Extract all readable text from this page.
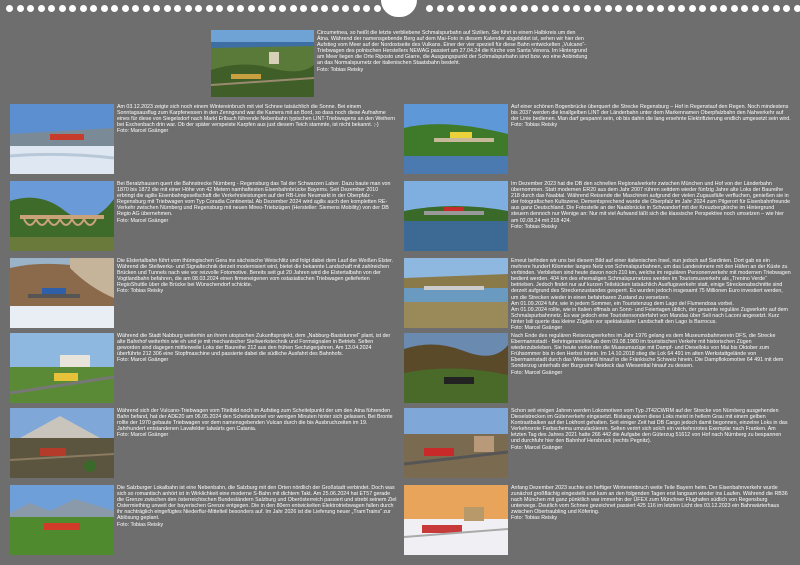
Circumetnea, so heißt die letzte verbliebene Schmalspurbahn auf Sizilien. Sie führt in einem Halbkreis um den Ätna. Während der namensgebende Berg auf dem Mai-Foto in diesem Kalender abgebildet ist, sehen wir hier den Aufstieg vom Meer auf der Nordostseite des Vulkans. Einer der vier speziell für diese Bahn entwickelten „Vulcano“-Triebwagen des polnischen Herstellers NEWAG passiert am 27.04.24 die Kirche von Santa Venera. Im Hintergrund am Meer liegen die Orte Riposto und Giarre, die Ausgangspunkt der Schmalspurbahn sind bzw. wo eine Anbindung an das Normalspurnetz der italienischen Staatsbahn besteht.
Foto: Tobias Reisky

Am 03.12.2023 zeigte sich noch einem Wintereinbruch mit viel Schnee tatsächlich die Sonne. Bei einem Sonntagsausflug zum Karpfenessen in den Zenngrund war die Kamera mit an Bord, so dass noch diese Aufnahme eines für diese von Siegelsdorf nach Markt Erlbach führende Nebenbahn typischen LINT-Triebwagens an den Weihern bei Eschenbach drin war. Ob der später verspeiste Karpfen aus just diesem Teich stammte, ist nicht bekannt. ;-)
Foto: Marcel Gsänger

Bei Beratzhausen quert die Bahnstrecke Nürnberg - Regensburg das Tal der Schwarzen Laber. Dazu baute man von 1870 bis 1872 die mit einer Höhe von 42 Metern namhaftesten Eisenbahnbrücke Bayerns. Seit Dezember 2010 erbringt die agilis Eisenbahngesellschaft die Verkehrsleistungen auf der RB-Linie Neumarkt in der Oberpfalz - Regensburg mit Triebwagen vom Typ Coradia Continental. Ab Dezember 2024 wird agilis auch den kompletten RE-Verkehr zwischen Nürnberg und Regensburg mit neuen Mireo-Triebzügen (Hersteller: Siemens Mobility) von der DB Regio AG übernehmen.
Foto: Marcel Gsänger

Die Elstertalbahn führt vom thüringischen Gera ins sächsische Weischlitz und folgt dabei dem Lauf der Weißen Elster. Während die Stellwerks- und Signaltechnik derzeit modernisiert wird, bietet die bekannte Landschaft mit zahlreichen Brücken und Tunnels nach wie vor reizvolle Fotomotive. Bereits seit gut 20 Jahren wird die Elstertalbahn von der Vogtlandbahn befahren, die am 08.03.2024 einen firmeneigenen vom ostasiatischen Triebwagen gelieferten RegioShuttle über die Brücke bei Wünschendorf schickte.
Foto: Tobias Reisky

Während die Stadt Nabburg weiterhin an ihrem utopischen Zukunftsprojekt, dem „Nabburg-Basistunnel“ plant, ist der alte Bahnhof weiterhin wie eh und je mit mechanischer Stellwerkstechnik und Formsignalen in Betrieb. Selten geworden sind dagegen mittlerweile Loks der Baureihe 212 aus den frühen Sechzigerjahren. Am 13.04.2024 überführte 212 306 eine Stopfmaschine und passierte dabei die südliche Ausfahrt des Bahnhofs.
Foto: Marcel Gsänger

Während sich der Vulcano-Triebwagen vom Titelbild noch im Aufstieg zum Scheitelpunkt der um den Ätna führenden Bahn befand, hat der ADE20 am 06.05.2024 den Scheiteltunnel vor wenigen Minuten hinter sich gelassen. Bei Bronte rollte der 1970 gebaute Triebwagen vor dem namensgebenden Vulcan durch die bis Ausbruchzeiten im 19. Jahrhundert entstandenen Lavafelder talwärts gen Catania.
Foto: Marcel Gsänger

Die Salzburger Lokalbahn ist eine Nebenbahn, die Salzburg mit den Orten nördlich der Großstadt verbindet. Doch was sich so romantisch anhört ist in Wirklichkeit eine moderne S-Bahn mit dichtem Takt. Am 25.06.2024 hat ET57 gerade die Grenze zwischen den österreichischen Bundesländern Salzburg und Oberösterreich passiert und strebt seinem Ziel Ostermiething unweit der bayerischen Grenze entgegen. Die in den 80ern entwickelten Elektrotriebwagen fallen durch ihr nachträglich eingefügtes Niederflur-Mittelteil besonders auf. Im Jahr 2026 ist die Lieferung neuer „TramTrains“ zur Ablösung geplant.
Foto: Tobias Reisky

Auf einer schönen Bogenbrücke überquert die Strecke Regensburg – Hof in Regenstauf den Regen. Noch mindestens bis 2037 werden die knallgelben LINT der Länderbahn unter dem Markennamen Oberpfalzbahn den Nahverkehr auf der Linie bedienen. Man darf gespannt sein, ob bis dahin die lang ersehnte Elektrifizierung endlich umgesetzt sein wird.
Foto: Tobias Reisky

Im Dezember 2023 hat die DB den schnellen Regionalverkehr zwischen München und Hof von der Länderbahn übernommen. Statt modernen ER20 aus dem Jahr 2007 rühren seitdem wieder fünfzig Jahre alte Loks der Baureihe 218 durch das Naabtal. Während Reisende die Maschinen aufgrund der vielen Zugausfälle verfluchen, genießen sie in der fotografischen Kultszene, Dementsprechend wurde die Oberpfalz im Jahr 2024 zum Pilgerort für Eisenbahnfreunde aus ganz Deutschland. Die Fotostelle an der Naabbrücke in Schwandorf mit der Kreuzbergkirche im Hintergrund steuern dennoch nur Wenige an: Nur mit viel Aufwand läßt sich die klassische Perspektive noch umsetzen – wie hier am 02.08.24 mit 218 424.
Foto: Tobias Reisky

Erneut befinden wir uns bei diesem Bild auf einer italienischen Insel, nun jedoch auf Sardinien. Dort gab es ein mehrere hundert Kilometer langes Netz von Schmalspurbahnen, um das Landesinnere mit den Häfen an der Küste zu verbinden. Verblieben sind heute davon noch 210 km, welche im regulären Personenverkehr mit modernen Triebwagen bedient werden. 404 km des ehemaligen Schmalspurnetzes werden im Tourismusverkehr als „Trenino Verde“ betrieben. Jedoch findet nur auf kurzen Teilstücken tatsächlich Ausflugsverkehr statt, einige Streckenabschnitte sind derzeit aufgrund des Streckenzustandes gesperrt. Es wurden jedoch insgesamt 75 Millionen Euro investiert werden, um die Strecken wieder in einen befahrbaren Zustand zu versetzen.
Am 01.09.2024 fuhr, wie in jedem Sommer, ein Touristenzug dem Lago del Flumendosa vorbei.
Am 01.09.2024 rollte, wie in Italien offmals an Sonn- und Feiertagen üblich, der gesamte reguläre Zugverkehr auf dem Schmalspurbahnnetz. Es war jedoch eine Touristensonderfahrt von Mandas über Seli nach Laconi angesetzt. Kurz hinter Isili querte das kleine Züglein vor spektakulärer Landschaft den Lago Is Barrocus.
Foto: Marcel Gsänger

Nach Ende des regulären Reisezugverkehrs im Jahr 1976 gelang es dem Museumsbahnverein DFS, die Strecke Ebermannstadt - Behringersmühle ab dem 09.08.1980 im touristischen Verkehr mit historischen Zügen wiederzubeleben. Sie heute verkehren die Museumszüge mit Dampf- und Dieselloks von Mai bis Oktober zum Frühsommer bis in den Herbst hinein. Im 14.10.2018 stieg die Lok 64 491 im alten Werkstattgelände von Ebermannstadt durch das Wiesenttal hinauf in die Fränkische Schweiz hinein. Die Dampflokomotive 64 491 mit dem Sonderzug unterhalb der Burgruine Neideck das Wiesenttal hinauf zu dessen.
Foto: Marcel Gsänger

Schon seit einigen Jahren werden Lokomotiven vom Typ JT42CWRM auf der Strecke von Nürnberg ausgehenden Dieselstrecken im Güterverkehr eingesetzt. Bislang wären diese Loks meist in hellem Grau mit einem gelben Kontrastbalken auf der Lokfront gehalten. Seit einiger Zeit hat DB Cargo jedoch damit begonnen, einzelne Loks in das Verkehrsrote Farbschema umzulackieren. Selten verirrt sich solch ein verkehrsrotes Exemplar nach Franken. Am letzten Tag des Jahres 2021 hatte 266 442 die Aufgabe den Güterzug 51612 von Hof nach Nürnberg zu bespannen und durchfuhr hier den Bahnhof Hersbruck (rechts Pegnitz).
Foto: Marcel Gsänger

Anfang Dezember 2023 suchte ein heftiger Wintereinbruch weite Teile Bayern heim. Der Eisenbahnverkehr wurde zunächst großflächig eingestellt und kam an den folgenden Tagen erst langsam wieder ins Laufen. Während die RB36 nach München mit ganz pünktlich war immerhin der ÜFEX zum Münchner Flughafen südlich von Regensburg unterwegs. Deutlich vom Schnee gezeichnet passiert 425 116 im letzten Licht des 03.12.2023 ein Bahnwärterhaus zwischen Obertraubling und Köfering.
Foto: Tobias Reisky
